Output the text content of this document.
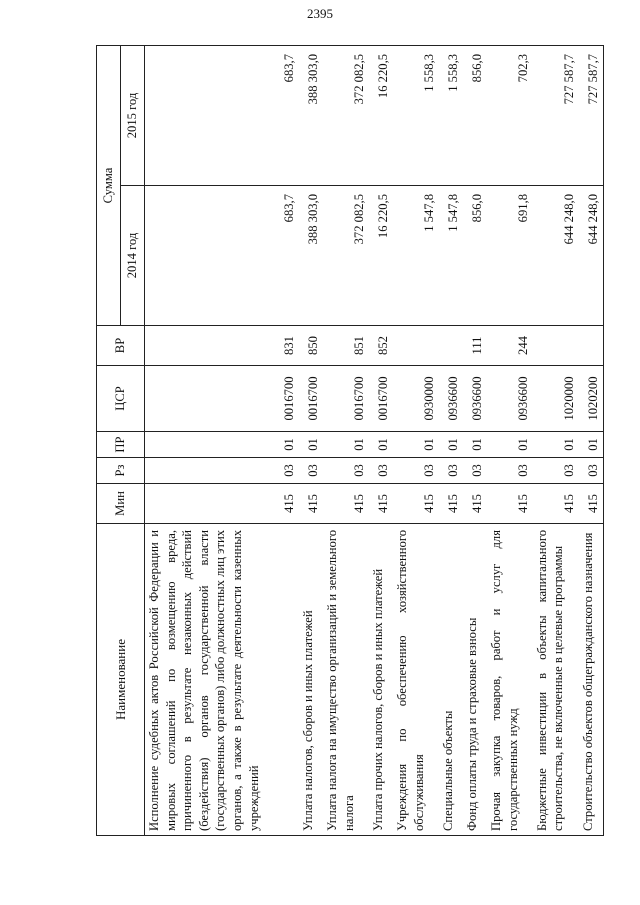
2395
Наименование	Мин	Рз	ПР	ЦСР	ВР	Сумма	
						2014 год	2015 год
Исполнение судебных актов Российской Федерации и мировых соглашений по возмещению вреда, причиненного в результате незаконных действий (бездействия) органов государственной власти (государственных органов) либо должностных лиц этих органов, а также в результате деятельности казенных учреждений	415	03	01	0016700	831	683,7	683,7
Уплата налогов, сборов и иных платежей	415	03	01	0016700	850	388 303,0	388 303,0
Уплата налога на имущество организаций и земельного налога	415	03	01	0016700	851	372 082,5	372 082,5
Уплата прочих налогов, сборов и иных платежей	415	03	01	0016700	852	16 220,5	16 220,5
Учреждения по обеспечению хозяйственного обслуживания	415	03	01	0930000		1 547,8	1 558,3
Специальные объекты	415	03	01	0936600		1 547,8	1 558,3
Фонд оплаты труда и страховые взносы	415	03	01	0936600	111	856,0	856,0
Прочая закупка товаров, работ и услуг для государственных нужд	415	03	01	0936600	244	691,8	702,3
Бюджетные инвестиции в объекты капитального строительства, не включенные в целевые программы	415	03	01	1020000		644 248,0	727 587,7
Строительство объектов общегражданского назначения	415	03	01	1020200		644 248,0	727 587,7
